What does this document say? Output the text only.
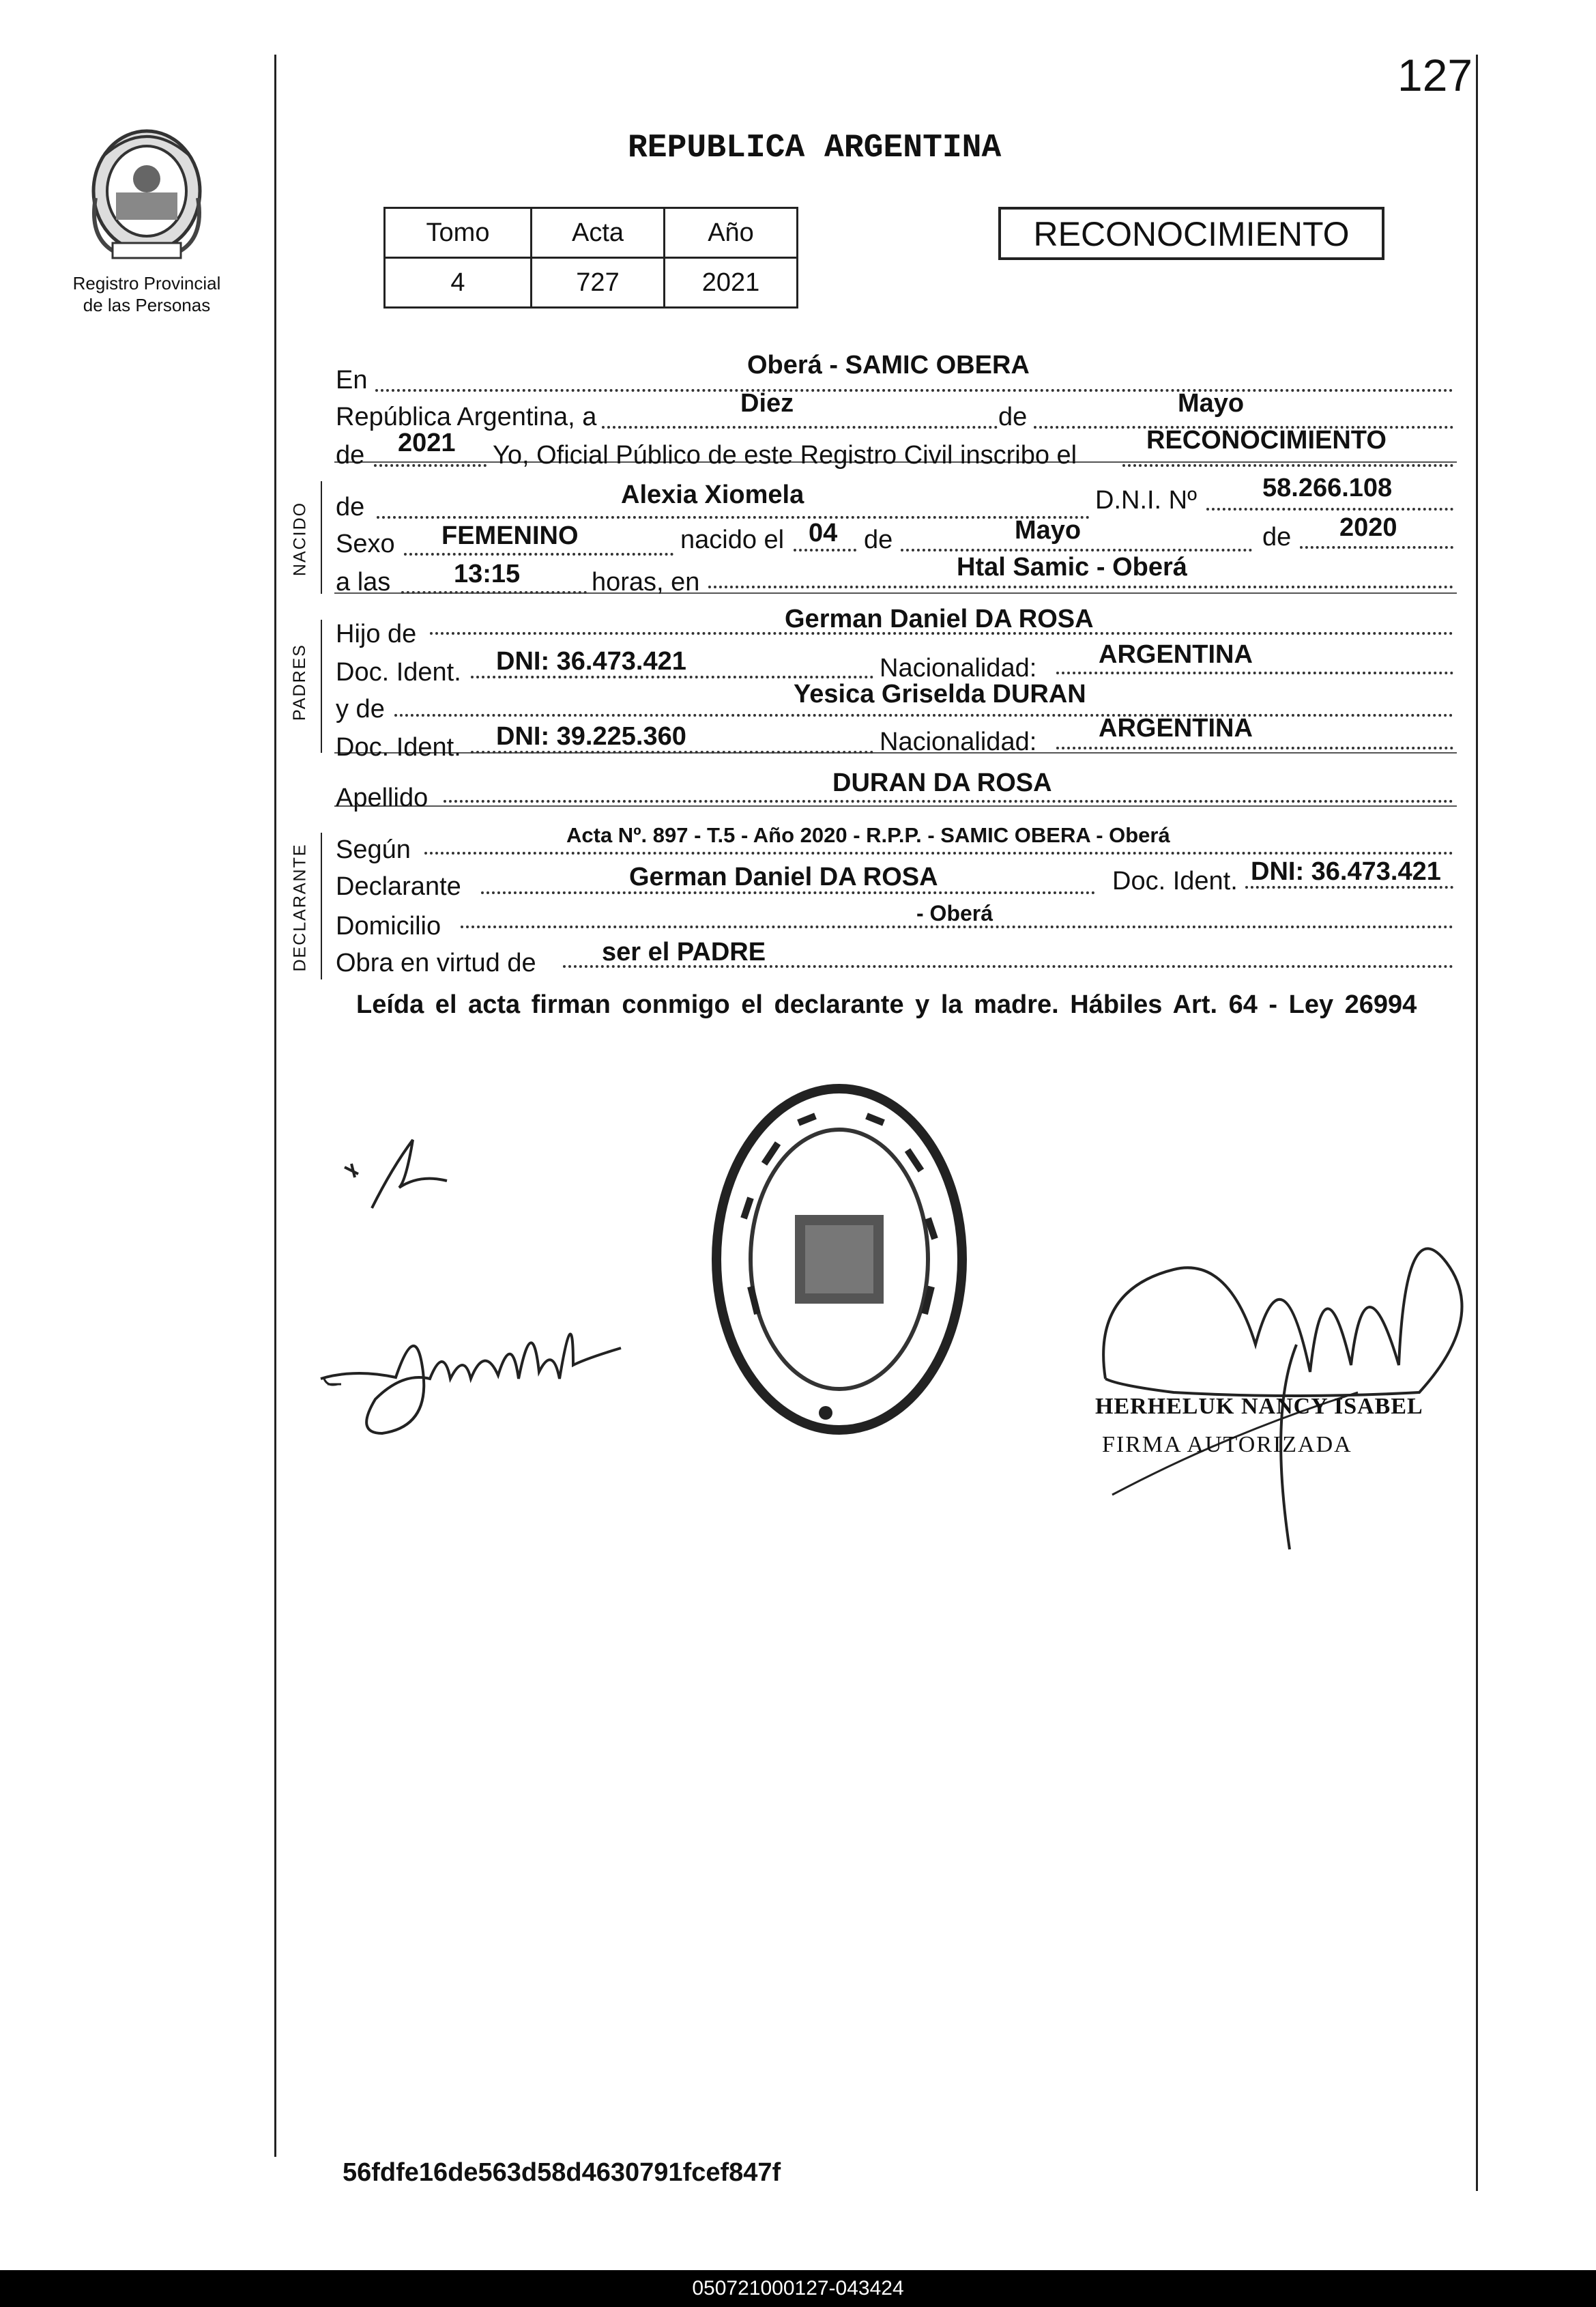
127
Registro Provincial
de las Personas
REPUBLICA ARGENTINA
Tomo	Acta	Año
4	727	2021
RECONOCIMIENTO
NACIDO
PADRES
DECLARANTE
En
Oberá - SAMIC OBERA
República Argentina, a	Diez	de	Mayo
de 2021 Yo, Oficial Público de este Registro Civil inscribo el
RECONOCIMIENTO
de	Alexia Xiomela	D.N.I. Nº	58.266.108
Sexo FEMENINO	nacido el 04 de	Mayo	de 2020
a las 13:15	horas, en
Htal Samic - Oberá
Hijo de
German Daniel DA ROSA
Doc. Ident. DNI: 36.473.421	Nacionalidad: ARGENTINA
y de
Yesica Griselda DURAN
Doc. Ident. DNI: 39.225.360	Nacionalidad: ARGENTINA
Apellido
DURAN DA ROSA
Según
Acta Nº. 897 - T.5 - Año 2020 - R.P.P. - SAMIC OBERA - Oberá
Declarante	German Daniel DA ROSA	Doc. Ident. DNI: 36.473.421
Domicilio	- Oberá
Obra en virtud de	ser el PADRE
Leída el acta firman conmigo el declarante y la madre. Hábiles Art. 64 - Ley 26994
HERHELUK NANCY ISABEL
FIRMA AUTORIZADA
56fdfe16de563d58d4630791fcef847f
050721000127-043424
